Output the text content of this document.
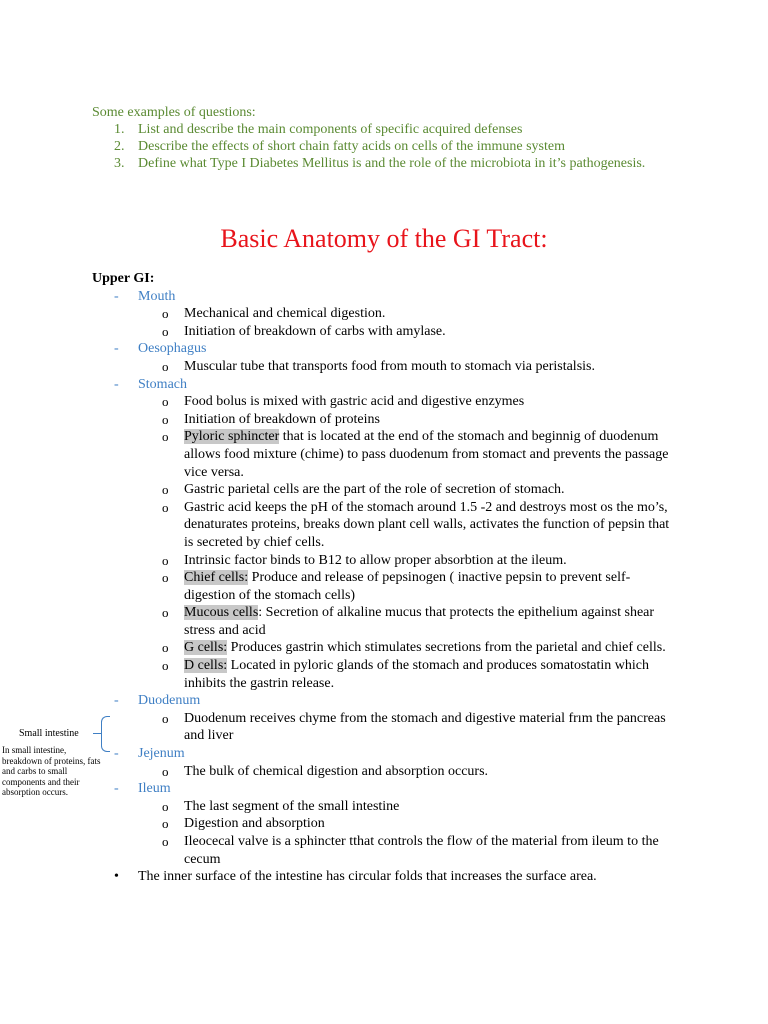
Some examples of questions:
1. List and describe the main components of specific acquired defenses
2. Describe the effects of short chain fatty acids on cells of the immune system
3. Define what Type I Diabetes Mellitus is and the role of the microbiota in it’s pathogenesis.
Basic Anatomy of the GI Tract:
Upper GI:
- Mouth
o Mechanical and chemical digestion.
o Initiation of breakdown of carbs with amylase.
- Oesophagus
o Muscular tube that transports food from mouth to stomach via peristalsis.
- Stomach
o Food bolus is mixed with gastric acid and digestive enzymes
o Initiation of breakdown of proteins
o Pyloric sphincter that is located at the end of the stomach and beginnig of duodenum allows food mixture (chime) to pass duodenum from stomact and prevents the passage vice versa.
o Gastric parietal cells are the part of the role of secretion of stomach.
o Gastric acid keeps the pH of the stomach around 1.5 -2 and destroys most os the mo’s, denaturates proteins, breaks down plant cell walls, activates the function of pepsin that is secreted by chief cells.
o Intrinsic factor binds to B12 to allow proper absorbtion at the ileum.
o Chief cells: Produce and release of pepsinogen ( inactive pepsin to prevent self-digestion of the stomach cells)
o Mucous cells: Secretion of alkaline mucus that protects the epithelium against shear stress and acid
o G cells: Produces gastrin which stimulates secretions from the parietal and chief cells.
o D cells: Located in pyloric glands of the stomach and produces somatostatin which inhibits the gastrin release.
- Duodenum
o Duodenum receives chyme from the stomach and digestive material frım the pancreas and liver
- Jejenum
o The bulk of chemical digestion and absorption occurs.
- Ileum
o The last segment of the small intestine
o Digestion and absorption
o Ileocecal valve is a sphincter tthat controls the flow of the material from ileum to the cecum
• The inner surface of the intestine has circular folds that increases the surface area.
Small intestine
In small intestine, breakdown of proteins, fats and carbs to small components and their absorption occurs.
